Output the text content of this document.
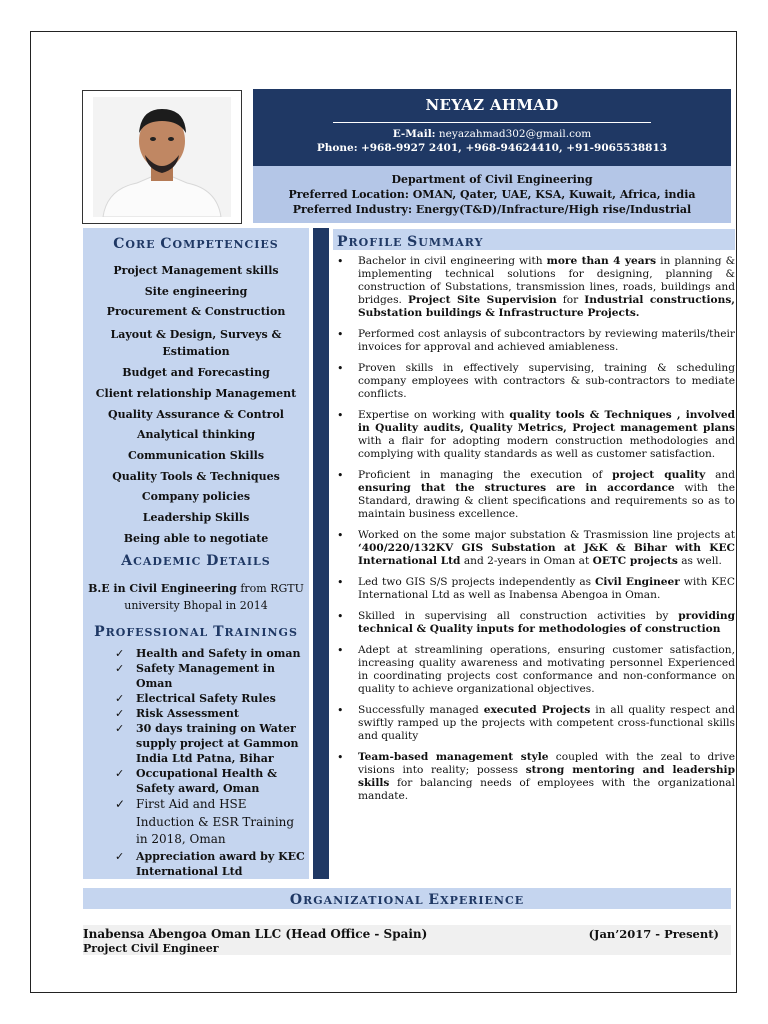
NEYAZ AHMAD
E-Mail: neyazahmad302@gmail.com
Phone: +968-9927 2401, +968-94624410, +91-9065538813
Department of Civil Engineering
Preferred Location: OMAN, Qater, UAE, KSA, Kuwait, Africa, india
Preferred Industry: Energy(T&D)/Infracture/High rise/Industrial
CORE COMPETENCIES
Project Management skills
Site engineering
Procurement & Construction
Layout & Design, Surveys & Estimation
Budget and Forecasting
Client relationship Management
Quality Assurance & Control
Analytical thinking
Communication Skills
Quality Tools & Techniques
Company policies
Leadership Skills
Being able to negotiate
ACADEMIC DETAILS
B.E in Civil Engineering from RGTU university Bhopal in 2014
PROFESSIONAL TRAININGS
✓ Health and Safety in oman
✓ Safety Management in Oman
✓ Electrical Safety Rules
✓ Risk Assessment
✓ 30 days training on Water supply project at Gammon India Ltd Patna, Bihar
✓ Occupational Health & Safety award, Oman
✓ First Aid and HSE Induction & ESR Training in 2018, Oman
✓ Appreciation award by KEC International Ltd
PROFILE SUMMARY
• Bachelor in civil engineering with more than 4 years in planning & implementing technical solutions for designing, planning & construction of Substations, transmission lines, roads, buildings and bridges. Project Site Supervision for Industrial constructions, Substation buildings & Infrastructure Projects.
• Performed cost anlaysis of subcontractors by reviewing materils/their invoices for approval and achieved amiableness.
• Proven skills in effectively supervising, training & scheduling company employees with contractors & sub-contractors to mediate conflicts.
• Expertise on working with quality tools & Techniques , involved in Quality audits, Quality Metrics, Project management plans with a flair for adopting modern construction methodologies and complying with quality standards as well as customer satisfaction.
• Proficient in managing the execution of project quality and ensuring that the structures are in accordance with the Standard, drawing & client specifications and requirements so as to maintain business excellence.
• Worked on the some major substation & Trasmission line projects at ‘400/220/132KV GIS Substation at J&K & Bihar with KEC International Ltd and 2-years in Oman at OETC projects as well.
• Led two GIS S/S projects independently as Civil Engineer with KEC International Ltd as well as Inabensa Abengoa in Oman.
• Skilled in supervising all construction activities by providing technical & Quality inputs for methodologies of construction
• Adept at streamlining operations, ensuring customer satisfaction, increasing quality awareness and motivating personnel Experienced in coordinating projects cost conformance and non-conformance on quality to achieve organizational objectives.
• Successfully managed executed Projects in all quality respect and swiftly ramped up the projects with competent cross-functional skills and quality
• Team-based management style coupled with the zeal to drive visions into reality; possess strong mentoring and leadership skills for balancing needs of employees with the organizational mandate.
ORGANIZATIONAL EXPERIENCE
Inabensa Abengoa Oman LLC (Head Office - Spain)	(Jan’2017 - Present)
Project Civil Engineer
